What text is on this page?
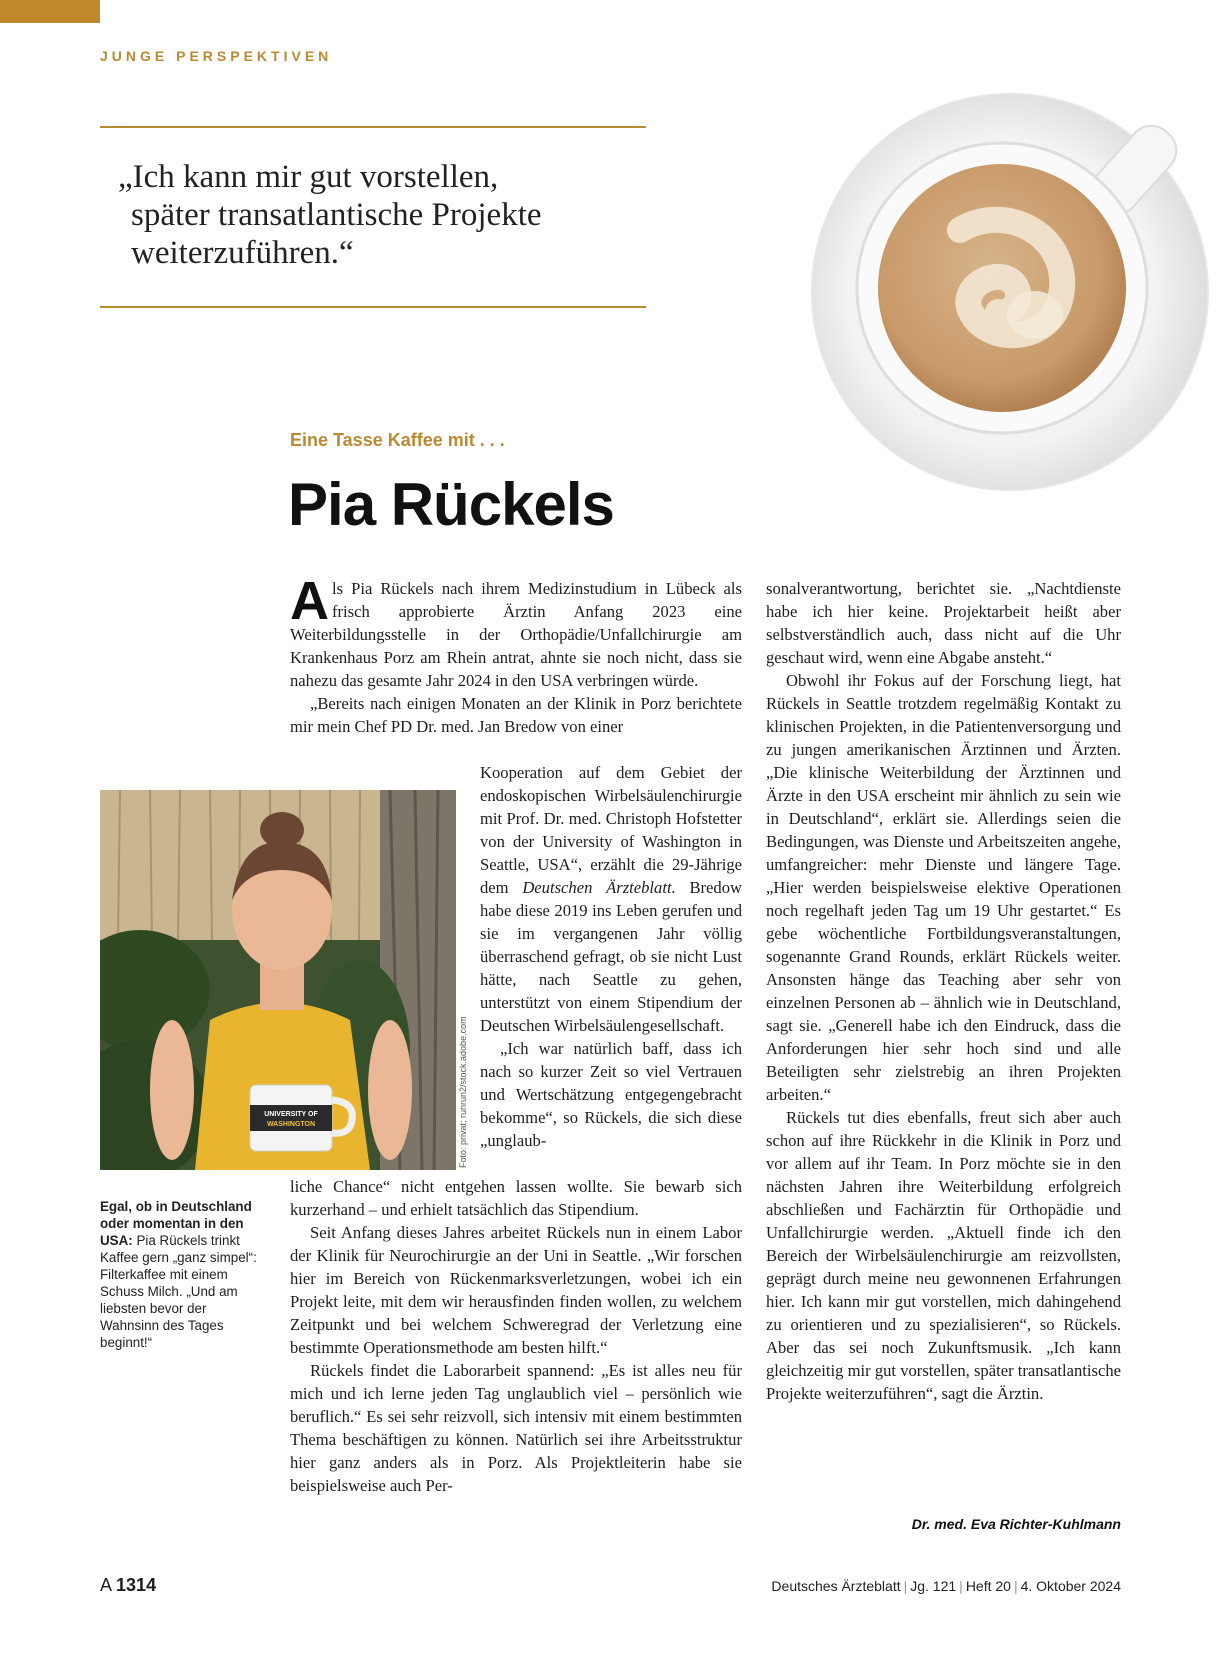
JUNGE PERSPEKTIVEN
„Ich kann mir gut vorstellen,
später transatlantische Projekte
weiterzuführen.“
Eine Tasse Kaffee mit . . .
Pia Rückels

Als Pia Rückels nach ihrem Medizinstudium in Lübeck als frisch approbierte Ärztin Anfang 2023 eine Weiterbildungsstelle in der Orthopädie/Unfallchirurgie am Krankenhaus Porz am Rhein antrat, ahnte sie noch nicht, dass sie nahezu das gesamte Jahr 2024 in den USA verbringen würde.

„Bereits nach einigen Monaten an der Klinik in Porz berichtete mir mein Chef PD Dr. med. Jan Bredow von einer

UNIVERSITY OF
WASHINGTON	Foto: privat; runrun2/stock.adobe.com

Kooperation auf dem Gebiet der endoskopischen Wirbelsäulenchirurgie mit Prof. Dr. med. Christoph Hofstetter von der University of Washington in Seattle, USA“, erzählt die 29-Jährige dem Deutschen Ärzteblatt. Bredow habe diese 2019 ins Leben gerufen und sie im vergangenen Jahr völlig überraschend gefragt, ob sie nicht Lust hätte, nach Seattle zu gehen, unterstützt von einem Stipendium der Deutschen Wirbelsäulengesellschaft.

„Ich war natürlich baff, dass ich nach so kurzer Zeit so viel Vertrauen und Wertschätzung entgegengebracht bekomme“, so Rückels, die sich diese „unglaub-

Egal, ob in Deutschland oder momentan in den USA: Pia Rückels trinkt Kaffee gern „ganz simpel“: Filterkaffee mit einem Schuss Milch. „Und am liebsten bevor der Wahnsinn des Tages beginnt!“

liche Chance“ nicht entgehen lassen wollte. Sie bewarb sich kurzerhand – und erhielt tatsächlich das Stipendium.

Seit Anfang dieses Jahres arbeitet Rückels nun in einem Labor der Klinik für Neurochirurgie an der Uni in Seattle. „Wir forschen hier im Bereich von Rückenmarksverletzungen, wobei ich ein Projekt leite, mit dem wir herausfinden finden wollen, zu welchem Zeitpunkt und bei welchem Schweregrad der Verletzung eine bestimmte Operationsmethode am besten hilft.“

Rückels findet die Laborarbeit spannend: „Es ist alles neu für mich und ich lerne jeden Tag unglaublich viel – persönlich wie beruflich.“ Es sei sehr reizvoll, sich intensiv mit einem bestimmten Thema beschäftigen zu können. Natürlich sei ihre Arbeitsstruktur hier ganz anders als in Porz. Als Projektleiterin habe sie beispielsweise auch Per-

sonalverantwortung, berichtet sie. „Nachtdienste habe ich hier keine. Projektarbeit heißt aber selbstverständlich auch, dass nicht auf die Uhr geschaut wird, wenn eine Abgabe ansteht.“

Obwohl ihr Fokus auf der Forschung liegt, hat Rückels in Seattle trotzdem regelmäßig Kontakt zu klinischen Projekten, in die Patientenversorgung und zu jungen amerikanischen Ärztinnen und Ärzten. „Die klinische Weiterbildung der Ärztinnen und Ärzte in den USA erscheint mir ähnlich zu sein wie in Deutschland“, erklärt sie. Allerdings seien die Bedingungen, was Dienste und Arbeitszeiten angehe, umfangreicher: mehr Dienste und längere Tage. „Hier werden beispielsweise elektive Operationen noch regelhaft jeden Tag um 19 Uhr gestartet.“ Es gebe wöchentliche Fortbildungsveranstaltungen, sogenannte Grand Rounds, erklärt Rückels weiter. Ansonsten hänge das Teaching aber sehr von einzelnen Personen ab – ähnlich wie in Deutschland, sagt sie. „Generell habe ich den Eindruck, dass die Anforderungen hier sehr hoch sind und alle Beteiligten sehr zielstrebig an ihren Projekten arbeiten.“

Rückels tut dies ebenfalls, freut sich aber auch schon auf ihre Rückkehr in die Klinik in Porz und vor allem auf ihr Team. In Porz möchte sie in den nächsten Jahren ihre Weiterbildung erfolgreich abschließen und Fachärztin für Orthopädie und Unfallchirurgie werden. „Aktuell finde ich den Bereich der Wirbelsäulenchirurgie am reizvollsten, geprägt durch meine neu gewonnenen Erfahrungen hier. Ich kann mir gut vorstellen, mich dahingehend zu orientieren und zu spezialisieren“, so Rückels. Aber das sei noch Zukunftsmusik. „Ich kann gleichzeitig mir gut vorstellen, später transatlantische Projekte weiterzuführen“, sagt die Ärztin.

Dr. med. Eva Richter-Kuhlmann
A 1314	Deutsches Ärzteblatt | Jg. 121 | Heft 20 | 4. Oktober 2024
